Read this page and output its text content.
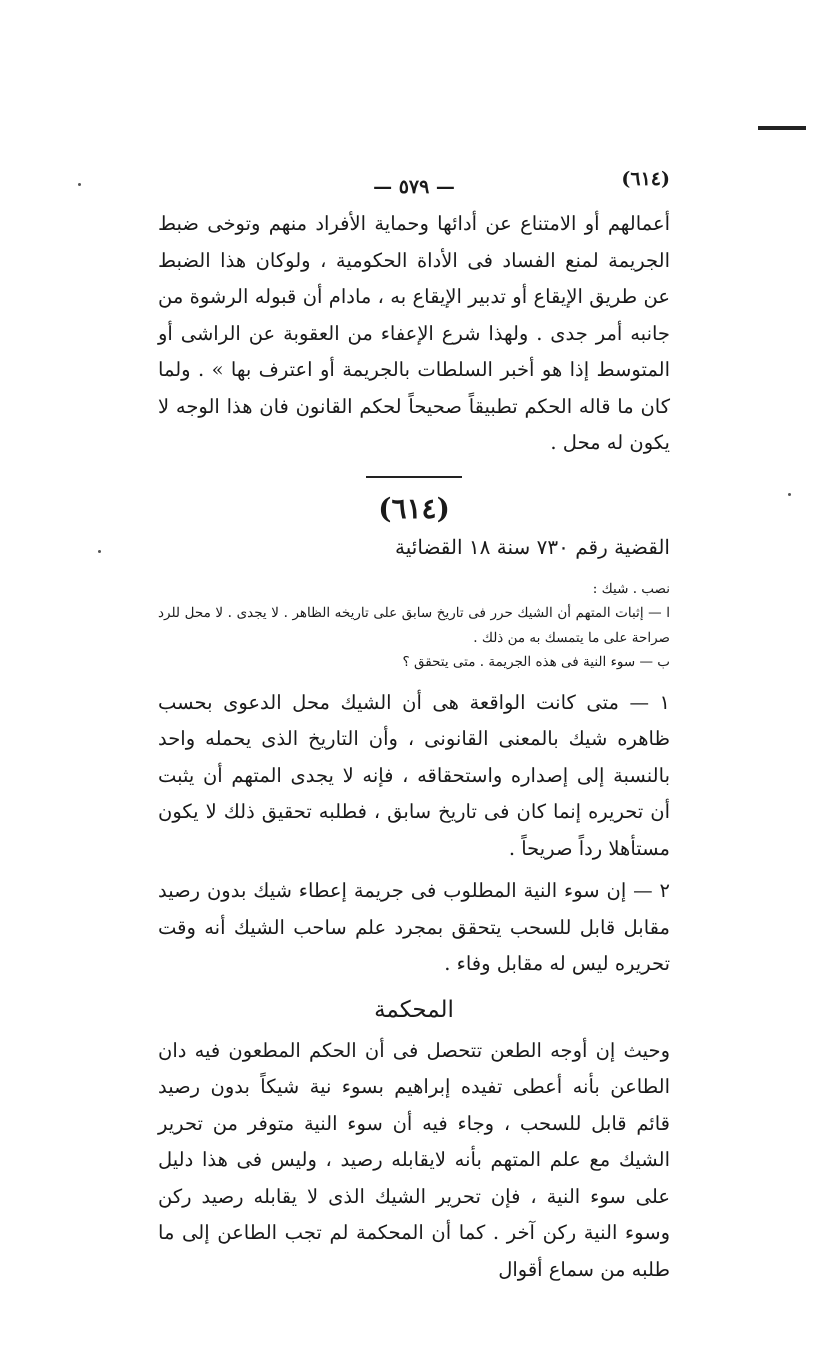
(٦١٤)
— ٥٧٩ —

أعمالهم أو الامتناع عن أدائها وحماية الأفراد منهم وتوخى ضبط الجريمة لمنع الفساد فى الأداة الحكومية ، ولوكان هذا الضبط عن طريق الإيقاع أو تدبير الإيقاع به ، مادام أن قبوله الرشوة من جانبه أمر جدى . ولهذا شرع الإعفاء من العقوبة عن الراشى أو المتوسط إذا هو أخبر السلطات بالجريمة أو اعترف بها » . ولما كان ما قاله الحكم تطبيقاً صحيحاً لحكم القانون فان هذا الوجه لا يكون له محل .

(٦١٤)
القضية رقم ٧٣٠ سنة ١٨ القضائية
نصب . شيك :
ا — إثبات المتهم أن الشيك حرر فى تاريخ سابق على تاريخه الظاهر . لا يجدى . لا محل للرد صراحة على ما يتمسك به من ذلك .
ب — سوء النية فى هذه الجريمة . متى يتحقق ؟

١ — متى كانت الواقعة هى أن الشيك محل الدعوى بحسب ظاهره شيك بالمعنى القانونى ، وأن التاريخ الذى يحمله واحد بالنسبة إلى إصداره واستحقاقه ، فإنه لا يجدى المتهم أن يثبت أن تحريره إنما كان فى تاريخ سابق ، فطلبه تحقيق ذلك لا يكون مستأهلا رداً صريحاً .

٢ — إن سوء النية المطلوب فى جريمة إعطاء شيك بدون رصيد مقابل قابل للسحب يتحقق بمجرد علم ساحب الشيك أنه وقت تحريره ليس له مقابل وفاء .

المحكمة

وحيث إن أوجه الطعن تتحصل فى أن الحكم المطعون فيه دان الطاعن بأنه أعطى تفيده إبراهيم بسوء نية شيكاً بدون رصيد قائم قابل للسحب ، وجاء فيه أن سوء النية متوفر من تحرير الشيك مع علم المتهم بأنه لايقابله رصيد ، وليس فى هذا دليل على سوء النية ، فإن تحرير الشيك الذى لا يقابله رصيد ركن وسوء النية ركن آخر . كما أن المحكمة لم تجب الطاعن إلى ما طلبه من سماع أقوال
